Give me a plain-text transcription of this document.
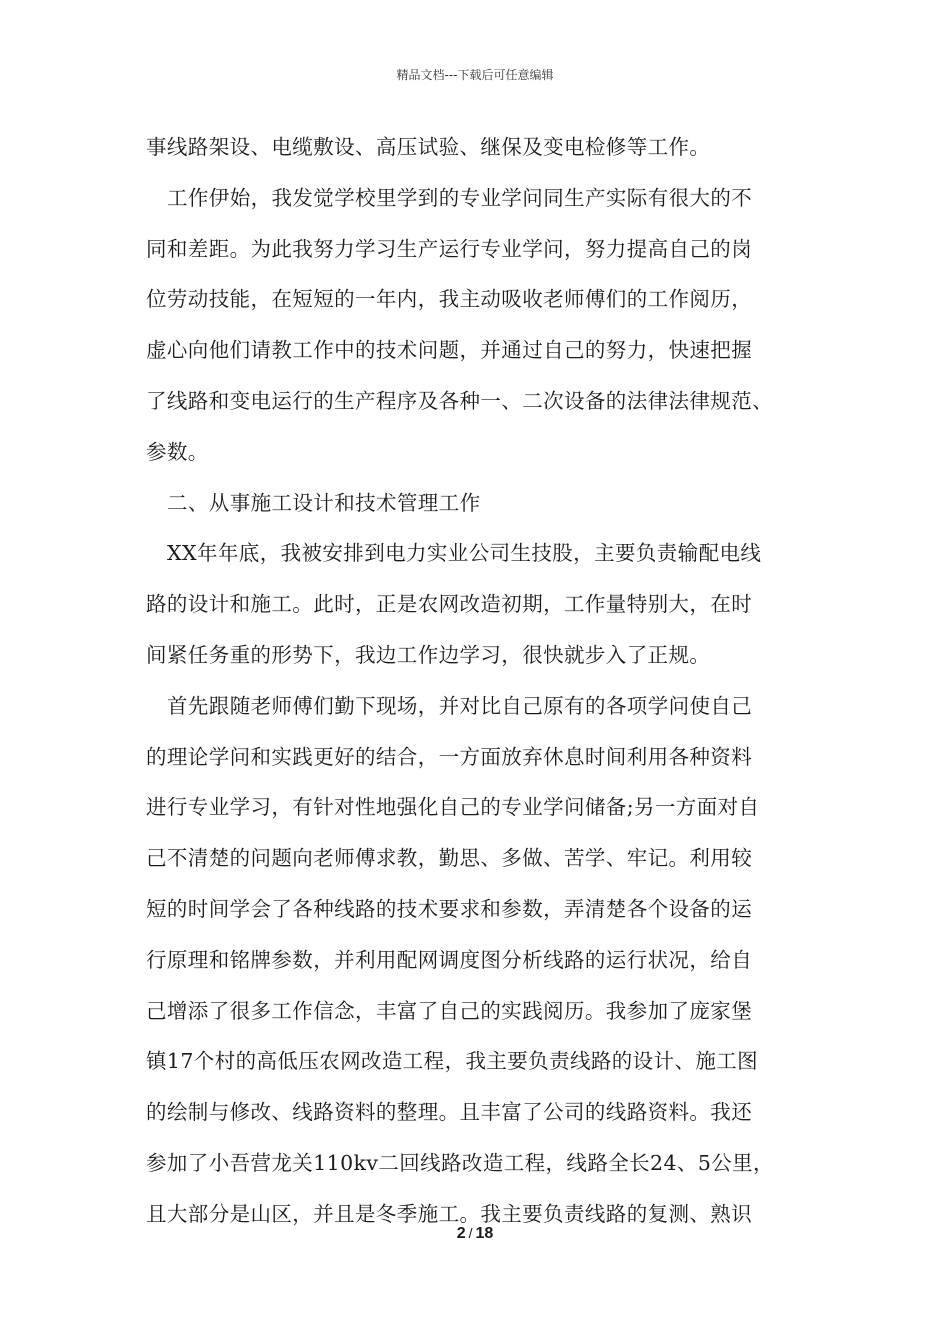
精品文档---下载后可任意编辑
事线路架设、电缆敷设、高压试验、继保及变电检修等工作。
工作伊始，我发觉学校里学到的专业学问同生产实际有很大的不
同和差距。为此我努力学习生产运行专业学问，努力提高自己的岗
位劳动技能，在短短的一年内，我主动吸收老师傅们的工作阅历，
虚心向他们请教工作中的技术问题，并通过自己的努力，快速把握
了线路和变电运行的生产程序及各种一、二次设备的法律法律规范、
参数。
二、从事施工设计和技术管理工作
XX年年底，我被安排到电力实业公司生技股，主要负责输配电线
路的设计和施工。此时，正是农网改造初期，工作量特别大，在时
间紧任务重的形势下，我边工作边学习，很快就步入了正规。
首先跟随老师傅们勤下现场，并对比自己原有的各项学问使自己
的理论学问和实践更好的结合，一方面放弃休息时间利用各种资料
进行专业学习，有针对性地强化自己的专业学问储备;另一方面对自
己不清楚的问题向老师傅求教，勤思、多做、苦学、牢记。利用较
短的时间学会了各种线路的技术要求和参数，弄清楚各个设备的运
行原理和铭牌参数，并利用配网调度图分析线路的运行状况，给自
己增添了很多工作信念，丰富了自己的实践阅历。我参加了庞家堡
镇17个村的高低压农网改造工程，我主要负责线路的设计、施工图
的绘制与修改、线路资料的整理。且丰富了公司的线路资料。我还
参加了小吾营龙关110kv二回线路改造工程，线路全长24、5公里，
且大部分是山区，并且是冬季施工。我主要负责线路的复测、熟识
2 / 18
